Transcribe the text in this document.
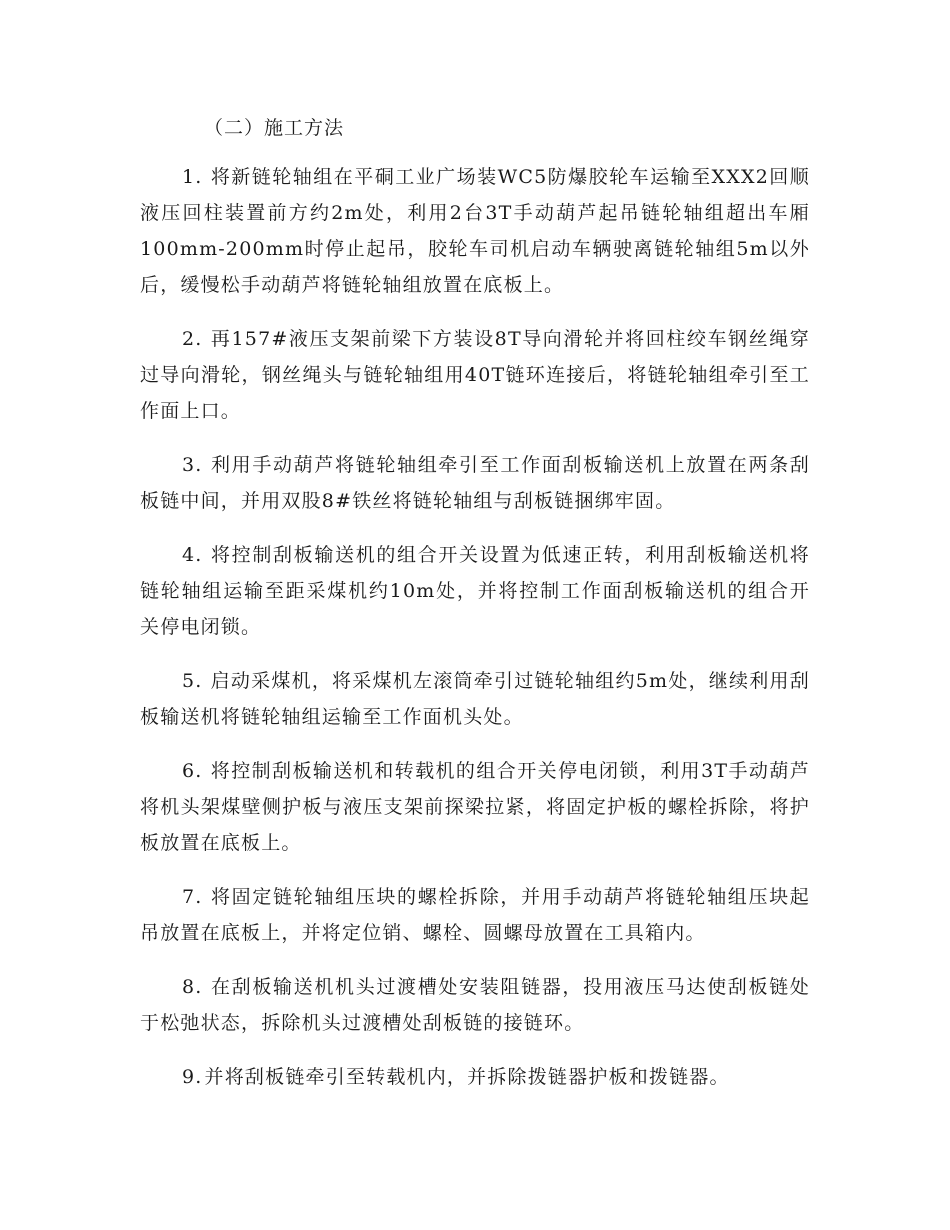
（二）施工方法

1. 将新链轮轴组在平硐工业广场装WC5防爆胶轮车运输至XXX2回顺液压回柱装置前方约2m处，利用2台3T手动葫芦起吊链轮轴组超出车厢100mm-200mm时停止起吊，胶轮车司机启动车辆驶离链轮轴组5m以外后，缓慢松手动葫芦将链轮轴组放置在底板上。

2. 再157#液压支架前梁下方装设8T导向滑轮并将回柱绞车钢丝绳穿过导向滑轮，钢丝绳头与链轮轴组用40T链环连接后，将链轮轴组牵引至工作面上口。

3. 利用手动葫芦将链轮轴组牵引至工作面刮板输送机上放置在两条刮板链中间，并用双股8#铁丝将链轮轴组与刮板链捆绑牢固。

4. 将控制刮板输送机的组合开关设置为低速正转，利用刮板输送机将链轮轴组运输至距采煤机约10m处，并将控制工作面刮板输送机的组合开关停电闭锁。

5. 启动采煤机，将采煤机左滚筒牵引过链轮轴组约5m处，继续利用刮板输送机将链轮轴组运输至工作面机头处。

6. 将控制刮板输送机和转载机的组合开关停电闭锁，利用3T手动葫芦将机头架煤壁侧护板与液压支架前探梁拉紧，将固定护板的螺栓拆除，将护板放置在底板上。

7. 将固定链轮轴组压块的螺栓拆除，并用手动葫芦将链轮轴组压块起吊放置在底板上，并将定位销、螺栓、圆螺母放置在工具箱内。

8. 在刮板输送机机头过渡槽处安装阻链器，投用液压马达使刮板链处于松弛状态，拆除机头过渡槽处刮板链的接链环。

9. 并将刮板链牵引至转载机内，并拆除拨链器护板和拨链器。
